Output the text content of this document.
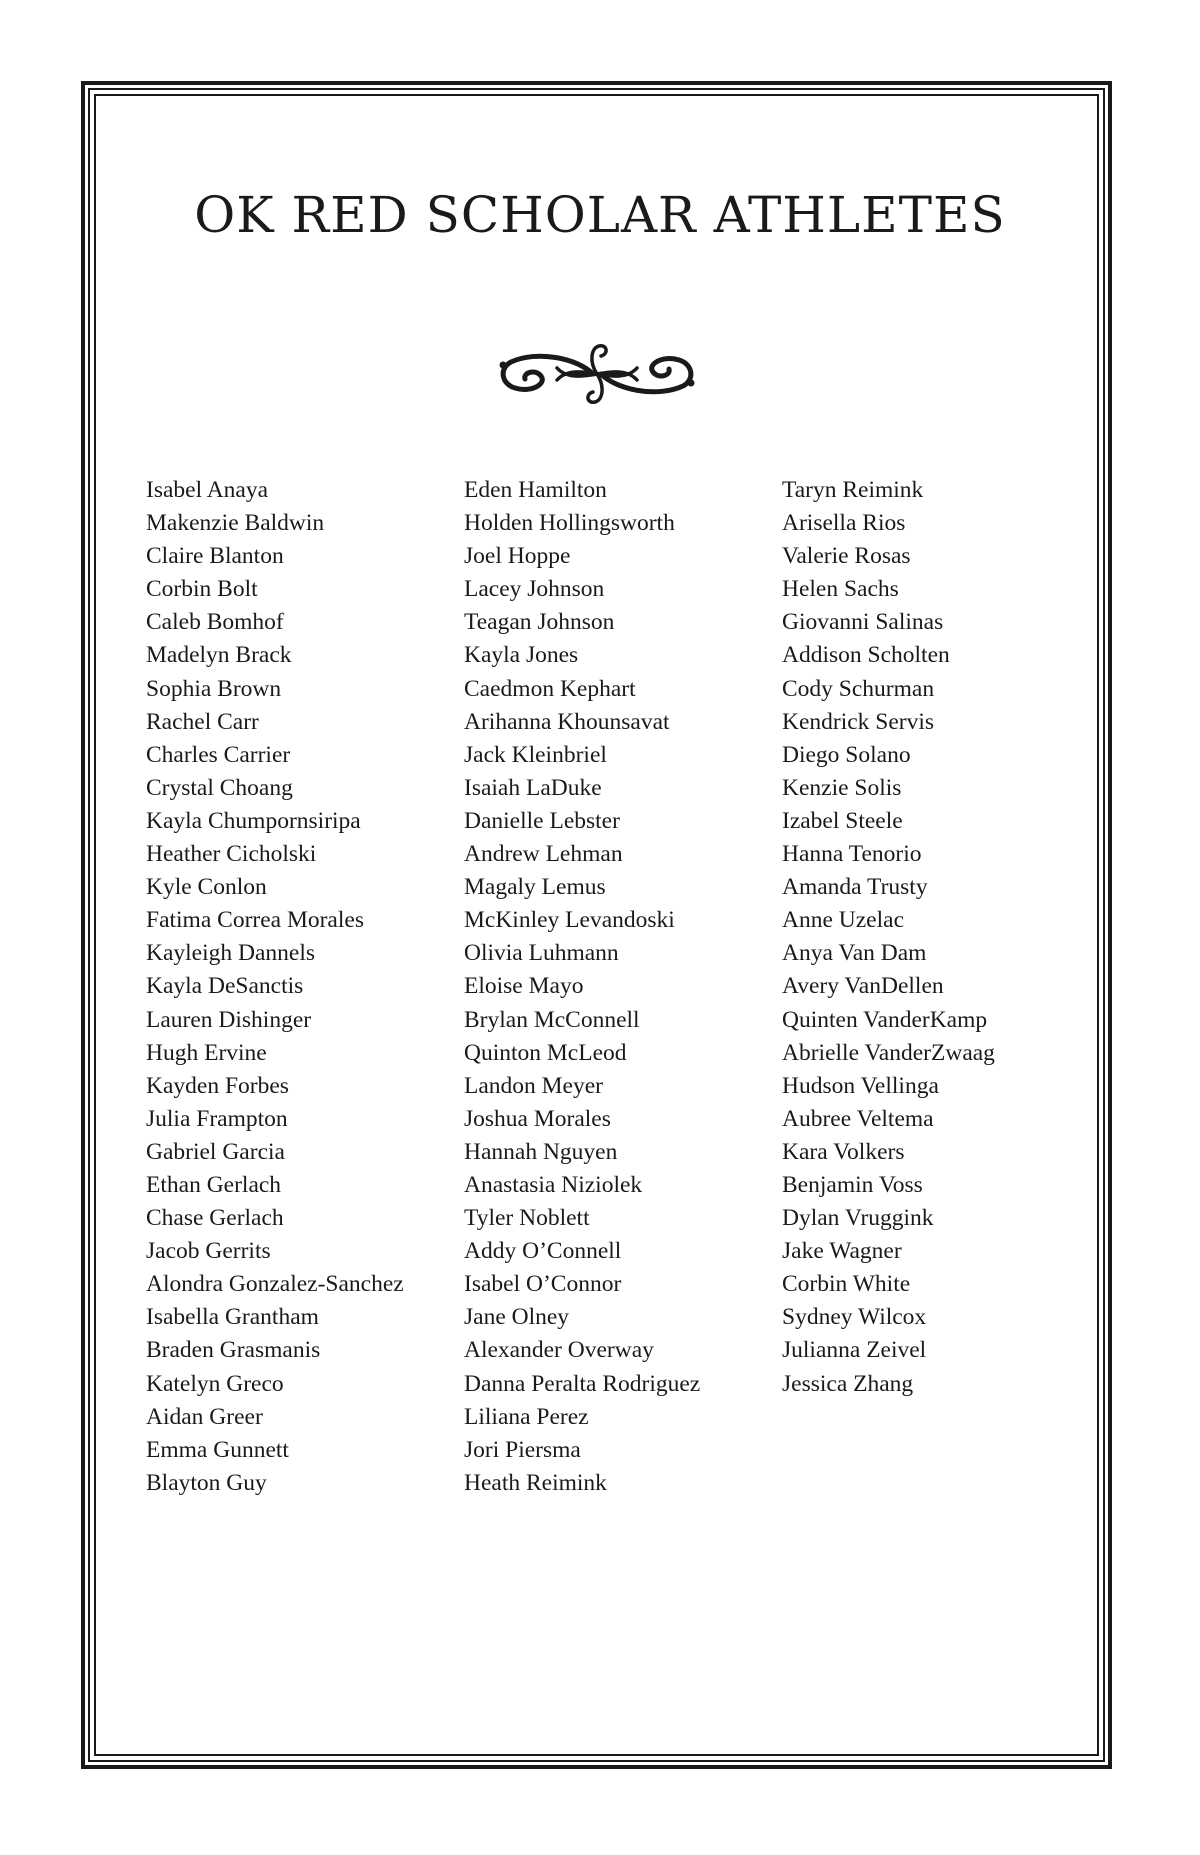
OK RED SCHOLAR ATHLETES
Isabel Anaya
Makenzie Baldwin
Claire Blanton
Corbin Bolt
Caleb Bomhof
Madelyn Brack
Sophia Brown
Rachel Carr
Charles Carrier
Crystal Choang
Kayla Chumpornsiripa
Heather Cicholski
Kyle Conlon
Fatima Correa Morales
Kayleigh Dannels
Kayla DeSanctis
Lauren Dishinger
Hugh Ervine
Kayden Forbes
Julia Frampton
Gabriel Garcia
Ethan Gerlach
Chase Gerlach
Jacob Gerrits
Alondra Gonzalez-Sanchez
Isabella Grantham
Braden Grasmanis
Katelyn Greco
Aidan Greer
Emma Gunnett
Blayton Guy
Eden Hamilton
Holden Hollingsworth
Joel Hoppe
Lacey Johnson
Teagan Johnson
Kayla Jones
Caedmon Kephart
Arihanna Khounsavat
Jack Kleinbriel
Isaiah LaDuke
Danielle Lebster
Andrew Lehman
Magaly Lemus
McKinley Levandoski
Olivia Luhmann
Eloise Mayo
Brylan McConnell
Quinton McLeod
Landon Meyer
Joshua Morales
Hannah Nguyen
Anastasia Niziolek
Tyler Noblett
Addy O’Connell
Isabel O’Connor
Jane Olney
Alexander Overway
Danna Peralta Rodriguez
Liliana Perez
Jori Piersma
Heath Reimink
Taryn Reimink
Arisella Rios
Valerie Rosas
Helen Sachs
Giovanni Salinas
Addison Scholten
Cody Schurman
Kendrick Servis
Diego Solano
Kenzie Solis
Izabel Steele
Hanna Tenorio
Amanda Trusty
Anne Uzelac
Anya Van Dam
Avery VanDellen
Quinten VanderKamp
Abrielle VanderZwaag
Hudson Vellinga
Aubree Veltema
Kara Volkers
Benjamin Voss
Dylan Vruggink
Jake Wagner
Corbin White
Sydney Wilcox
Julianna Zeivel
Jessica Zhang
